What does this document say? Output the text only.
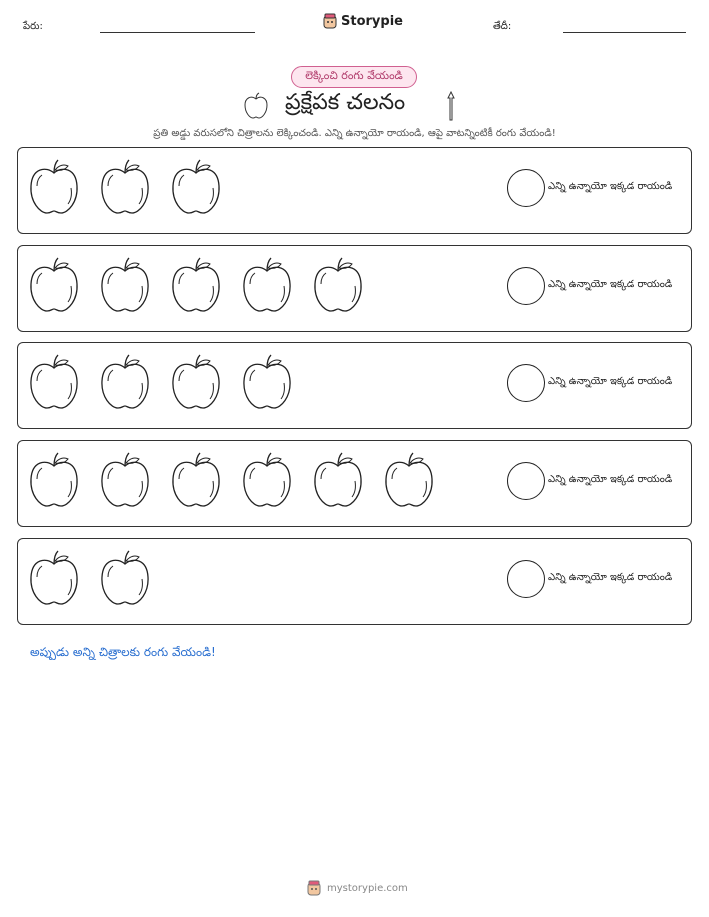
పేరు:	Storypie	తేదీ:
లెక్కించి రంగు వేయండి
ప్రక్షేపక చలనం
ప్రతి అడ్డు వరుసలోని చిత్రాలను లెక్కించండి. ఎన్ని ఉన్నాయో రాయండి, ఆపై వాటన్నింటికీ రంగు వేయండి!
ఎన్ని ఉన్నాయో ఇక్కడ రాయండి
ఎన్ని ఉన్నాయో ఇక్కడ రాయండి
ఎన్ని ఉన్నాయో ఇక్కడ రాయండి
ఎన్ని ఉన్నాయో ఇక్కడ రాయండి
ఎన్ని ఉన్నాయో ఇక్కడ రాయండి
అప్పుడు అన్ని చిత్రాలకు రంగు వేయండి!
mystorypie.com
